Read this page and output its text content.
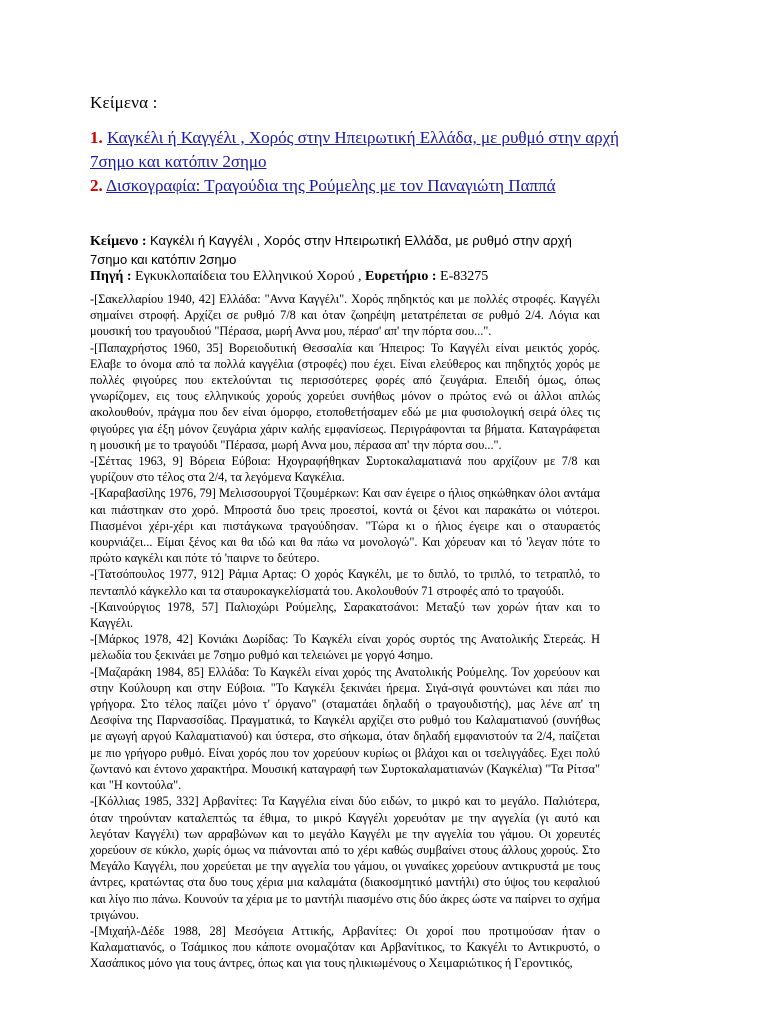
Κείμενα :
1. Καγκέλι ή Καγγέλι , Χορός στην Ηπειρωτική Ελλάδα, με ρυθμό στην αρχή 7σημο και κατόπιν 2σημο
2. Δισκογραφία: Τραγούδια της Ρούμελης με τον Παναγιώτη Παππά
Κείμενο : Καγκέλι ή Καγγέλι , Χορός στην Ηπειρωτική Ελλάδα, με ρυθμό στην αρχή 7σημο και κατόπιν 2σημο
Πηγή : Εγκυκλοπαίδεια του Ελληνικού Χορού , Ευρετήριο : Ε-83275

-[Σακελλαρίου 1940, 42] Ελλάδα: "Αννα Καγγέλι". Χορός πηδηκτός και με πολλές στροφές. Καγγέλι σημαίνει στροφή. Αρχίζει σε ρυθμό 7/8 και όταν ζωηρέψη μετατρέπεται σε ρυθμό 2/4. Λόγια και μουσική του τραγουδιού "Πέρασα, μωρή Αννα μου, πέρασ' απ' την πόρτα σου...".

-[Παπαχρήστος 1960, 35] Βορειοδυτική Θεσσαλία και Ήπειρος: Το Καγγέλι είναι μεικτός χορός. Ελαβε το όνομα από τα πολλά καγγέλια (στροφές) που έχει. Είναι ελεύθερος και πηδηχτός χορός με πολλές φιγούρες που εκτελούνται τις περισσότερες φορές από ζευγάρια. Επειδή όμως, όπως γνωρίζομεν, εις τους ελληνικούς χορούς χορεύει συνήθως μόνον ο πρώτος ενώ οι άλλοι απλώς ακολουθούν, πράγμα που δεν είναι όμορφο, ετοποθετήσαμεν εδώ με μια φυσιολογική σειρά όλες τις φιγούρες για έξη μόνον ζευγάρια χάριν καλής εμφανίσεως. Περιγράφονται τα βήματα. Καταγράφεται η μουσική με το τραγούδι "Πέρασα, μωρή Αννα μου, πέρασα απ' την πόρτα σου...".

-[Σέττας 1963, 9] Βόρεια Εύβοια: Ηχογραφήθηκαν Συρτοκαλαματιανά που αρχίζουν με 7/8 και γυρίζουν στο τέλος στα 2/4, τα λεγόμενα Καγκέλια.

-[Καραβασίλης 1976, 79] Μελισσουργοί Τζουμέρκων: Και σαν έγειρε ο ήλιος σηκώθηκαν όλοι αντάμα και πιάστηκαν στο χορό. Μπροστά δυο τρεις προεστοί, κοντά οι ξένοι και παρακάτω οι νιότεροι. Πιασμένοι χέρι-χέρι και πιστάγκωνα τραγούδησαν. "Τώρα κι ο ήλιος έγειρε και ο σταυραετός κουρνιάζει... Είμαι ξένος και θα ιδώ και θα πάω να μονολογώ". Και χόρευαν και τό 'λεγαν πότε το πρώτο καγκέλι και πότε τό 'παιρνε το δεύτερο.

-[Τατσόπουλος 1977, 912] Ράμια Αρτας: Ο χορός Καγκέλι, με το διπλό, το τριπλό, το τετραπλό, το πενταπλό κάγκελλο και τα σταυροκαγκελίσματά του. Ακολουθούν 71 στροφές από το τραγούδι.

-[Καινούργιος 1978, 57] Παλιοχώρι Ρούμελης, Σαρακατσάνοι: Μεταξύ των χορών ήταν και το Καγγέλι.

-[Μάρκος 1978, 42] Κονιάκι Δωρίδας: Το Καγκέλι είναι χορός συρτός της Ανατολικής Στερεάς. Η μελωδία του ξεκινάει με 7σημο ρυθμό και τελειώνει με γοργό 4σημο.

-[Μαζαράκη 1984, 85] Ελλάδα: Το Καγκέλι είναι χορός της Ανατολικής Ρούμελης. Τον χορεύουν και στην Κούλουρη και στην Εύβοια. "Το Καγκέλι ξεκινάει ήρεμα. Σιγά-σιγά φουντώνει και πάει πιο γρήγορα. Στο τέλος παίζει μόνο τ' όργανο" (σταματάει δηλαδή ο τραγουδιστής), μας λένε απ' τη Δεσφίνα της Παρνασσίδας. Πραγματικά, το Καγκέλι αρχίζει στο ρυθμό του Καλαματιανού (συνήθως με αγωγή αργού Καλαματιανού) και ύστερα, στο σήκωμα, όταν δηλαδή εμφανιστούν τα 2/4, παίζεται με πιο γρήγορο ρυθμό. Είναι χορός που τον χορεύουν κυρίως οι βλάχοι και οι τσελιγγάδες. Εχει πολύ ζωντανό και έντονο χαρακτήρα. Μουσική καταγραφή των Συρτοκαλαματιανών (Καγκέλια) "Τα Ρίτσα" και "Η κοντούλα".

-[Κόλλιας 1985, 332] Αρβανίτες: Τα Καγγέλια είναι δύο ειδών, το μικρό και το μεγάλο. Παλιότερα, όταν τηρούνταν καταλεπτώς τα έθιμα, το μικρό Καγγέλι χορευόταν με την αγγελία (γι αυτό και λεγόταν Καγγέλι) των αρραβώνων και το μεγάλο Καγγέλι με την αγγελία του γάμου. Οι χορευτές χορεύουν σε κύκλο, χωρίς όμως να πιάνονται από το χέρι καθώς συμβαίνει στους άλλους χορούς. Στο Μεγάλο Καγγέλι, που χορεύεται με την αγγελία του γάμου, οι γυναίκες χορεύουν αντικρυστά με τους άντρες, κρατώντας στα δυο τους χέρια μια καλαμάτα (διακοσμητικό μαντήλι) στο ύψος του κεφαλιού και λίγο πιο πάνω. Κουνούν τα χέρια με το μαντήλι πιασμένο στις δύο άκρες ώστε να παίρνει το σχήμα τριγώνου.

-[Μιχαήλ-Δέδε 1988, 28] Μεσόγεια Αττικής, Αρβανίτες: Οι χοροί που προτιμούσαν ήταν ο Καλαματιανός, ο Τσάμικος που κάποτε ονομαζόταν και Αρβανίτικος, το Κακγέλι το Αντικρυστό, ο Χασάπικος μόνο για τους άντρες, όπως και για τους ηλικιωμένους ο Χειμαριώτικος ή Γεροντικός,
